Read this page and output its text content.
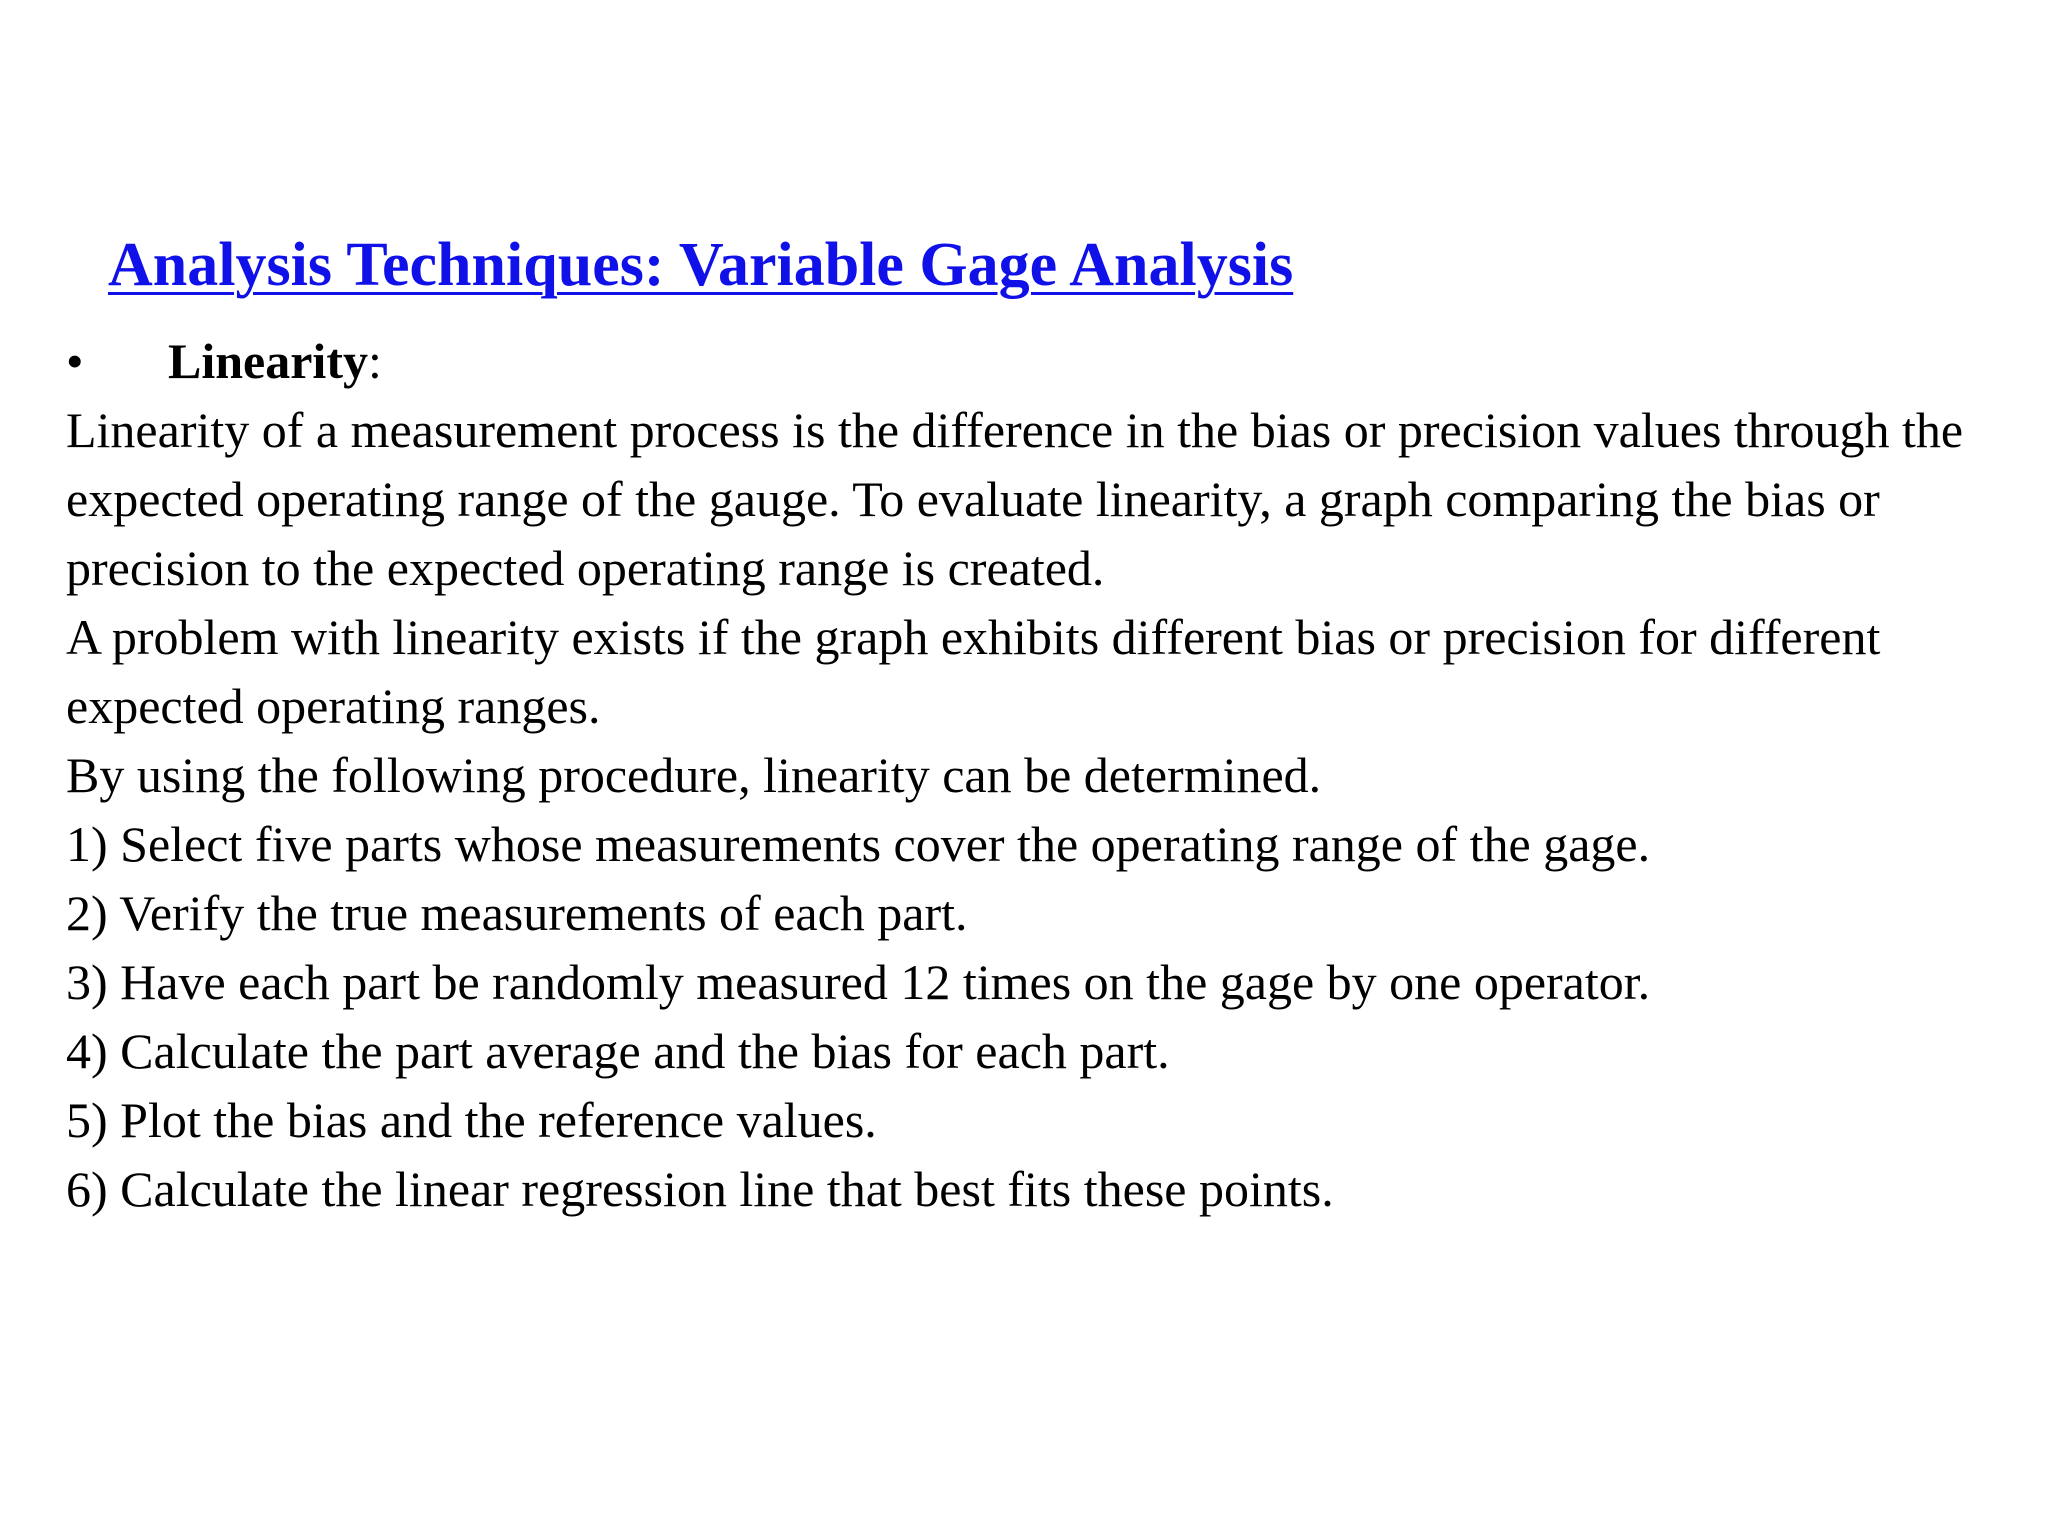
Analysis Techniques: Variable Gage Analysis
• Linearity:

Linearity of a measurement process is the difference in the bias or precision values through the expected operating range of the gauge. To evaluate linearity, a graph comparing the bias or precision to the expected operating range is created.

A problem with linearity exists if the graph exhibits different bias or precision for different expected operating ranges.

By using the following procedure, linearity can be determined.

1) Select five parts whose measurements cover the operating range of the gage.
2) Verify the true measurements of each part.
3) Have each part be randomly measured 12 times on the gage by one operator.
4) Calculate the part average and the bias for each part.
5) Plot the bias and the reference values.
6) Calculate the linear regression line that best fits these points.
